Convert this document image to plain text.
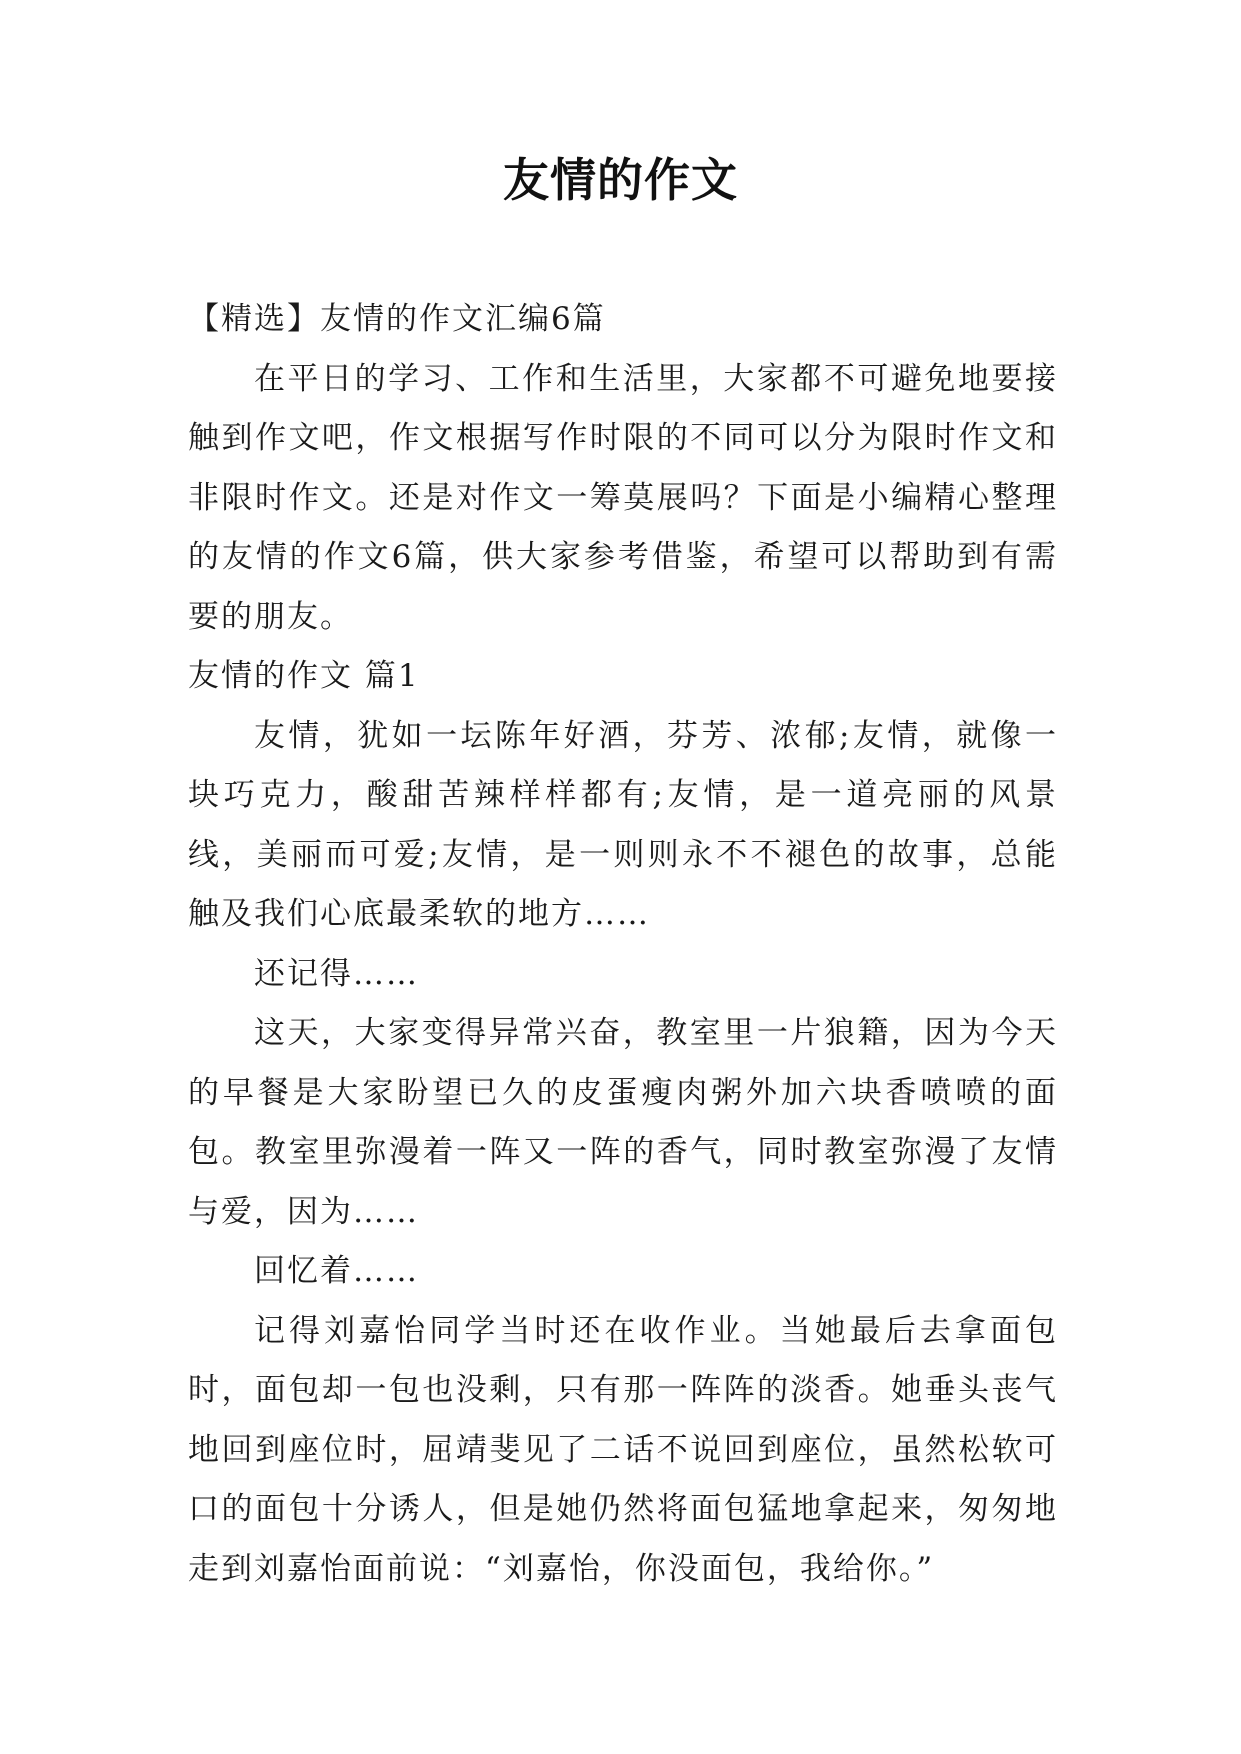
友情的作文

【精选】友情的作文汇编6篇

在平日的学习、工作和生活里，大家都不可避免地要接触到作文吧，作文根据写作时限的不同可以分为限时作文和非限时作文。还是对作文一筹莫展吗？下面是小编精心整理的友情的作文6篇，供大家参考借鉴，希望可以帮助到有需要的朋友。

友情的作文 篇1

友情，犹如一坛陈年好酒，芬芳、浓郁;友情，就像一块巧克力，酸甜苦辣样样都有;友情，是一道亮丽的风景线，美丽而可爱;友情，是一则则永不不褪色的故事，总能触及我们心底最柔软的地方……

还记得……

这天，大家变得异常兴奋，教室里一片狼籍，因为今天的早餐是大家盼望已久的皮蛋瘦肉粥外加六块香喷喷的面包。教室里弥漫着一阵又一阵的香气，同时教室弥漫了友情与爱，因为……

回忆着……

记得刘嘉怡同学当时还在收作业。当她最后去拿面包时，面包却一包也没剩，只有那一阵阵的淡香。她垂头丧气地回到座位时，屈靖斐见了二话不说回到座位，虽然松软可口的面包十分诱人，但是她仍然将面包猛地拿起来，匆匆地走到刘嘉怡面前说：“刘嘉怡，你没面包，我给你。”
